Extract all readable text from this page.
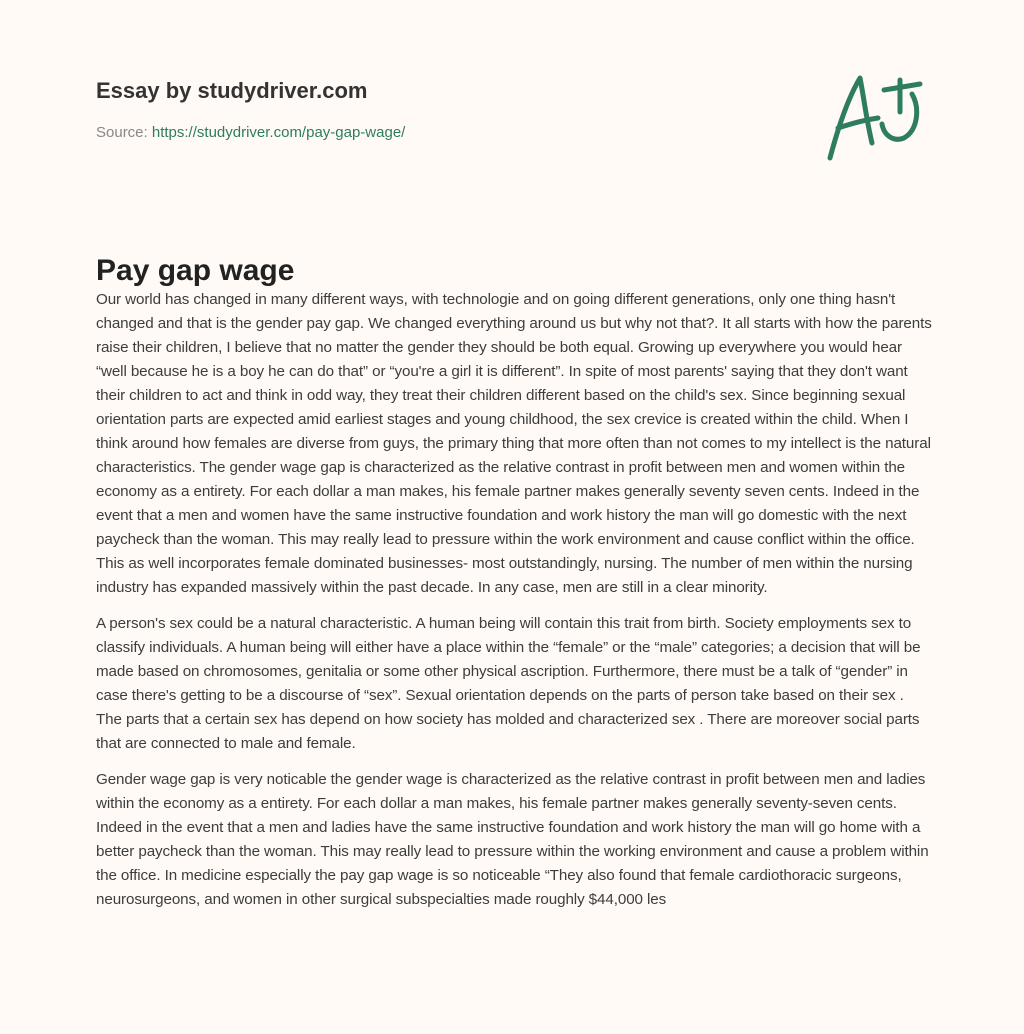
Essay by studydriver.com
Source: https://studydriver.com/pay-gap-wage/
Pay gap wage

Our world has changed in many different ways, with technologie and on going different generations, only one thing hasn't changed and that is the gender pay gap. We changed everything around us but why not that?. It all starts with how the parents raise their children, I believe that no matter the gender they should be both equal. Growing up everywhere you would hear “well because he is a boy he can do that” or “you're a girl it is different”. In spite of most parents' saying that they don't want their children to act and think in odd way, they treat their children different based on the child's sex. Since beginning sexual orientation parts are expected amid earliest stages and young childhood, the sex crevice is created within the child. When I think around how females are diverse from guys, the primary thing that more often than not comes to my intellect is the natural characteristics. The gender wage gap is characterized as the relative contrast in profit between men and women within the economy as a entirety. For each dollar a man makes, his female partner makes generally seventy seven cents. Indeed in the event that a men and women have the same instructive foundation and work history the man will go domestic with the next paycheck than the woman. This may really lead to pressure within the work environment and cause conflict within the office. This as well incorporates female dominated businesses- most outstandingly, nursing. The number of men within the nursing industry has expanded massively within the past decade. In any case, men are still in a clear minority.

A person's sex could be a natural characteristic. A human being will contain this trait from birth. Society employments sex to classify individuals. A human being will either have a place within the “female” or the “male” categories; a decision that will be made based on chromosomes, genitalia or some other physical ascription. Furthermore, there must be a talk of “gender” in case there's getting to be a discourse of “sex”. Sexual orientation depends on the parts of person take based on their sex . The parts that a certain sex has depend on how society has molded and characterized sex . There are moreover social parts that are connected to male and female.

Gender wage gap is very noticable the gender wage is characterized as the relative contrast in profit between men and ladies within the economy as a entirety. For each dollar a man makes, his female partner makes generally seventy-seven cents. Indeed in the event that a men and ladies have the same instructive foundation and work history the man will go home with a better paycheck than the woman. This may really lead to pressure within the working environment and cause a problem within the office. In medicine especially the pay gap wage is so noticeable “They also found that female cardiothoracic surgeons, neurosurgeons, and women in other surgical subspecialties made roughly $44,000 les
